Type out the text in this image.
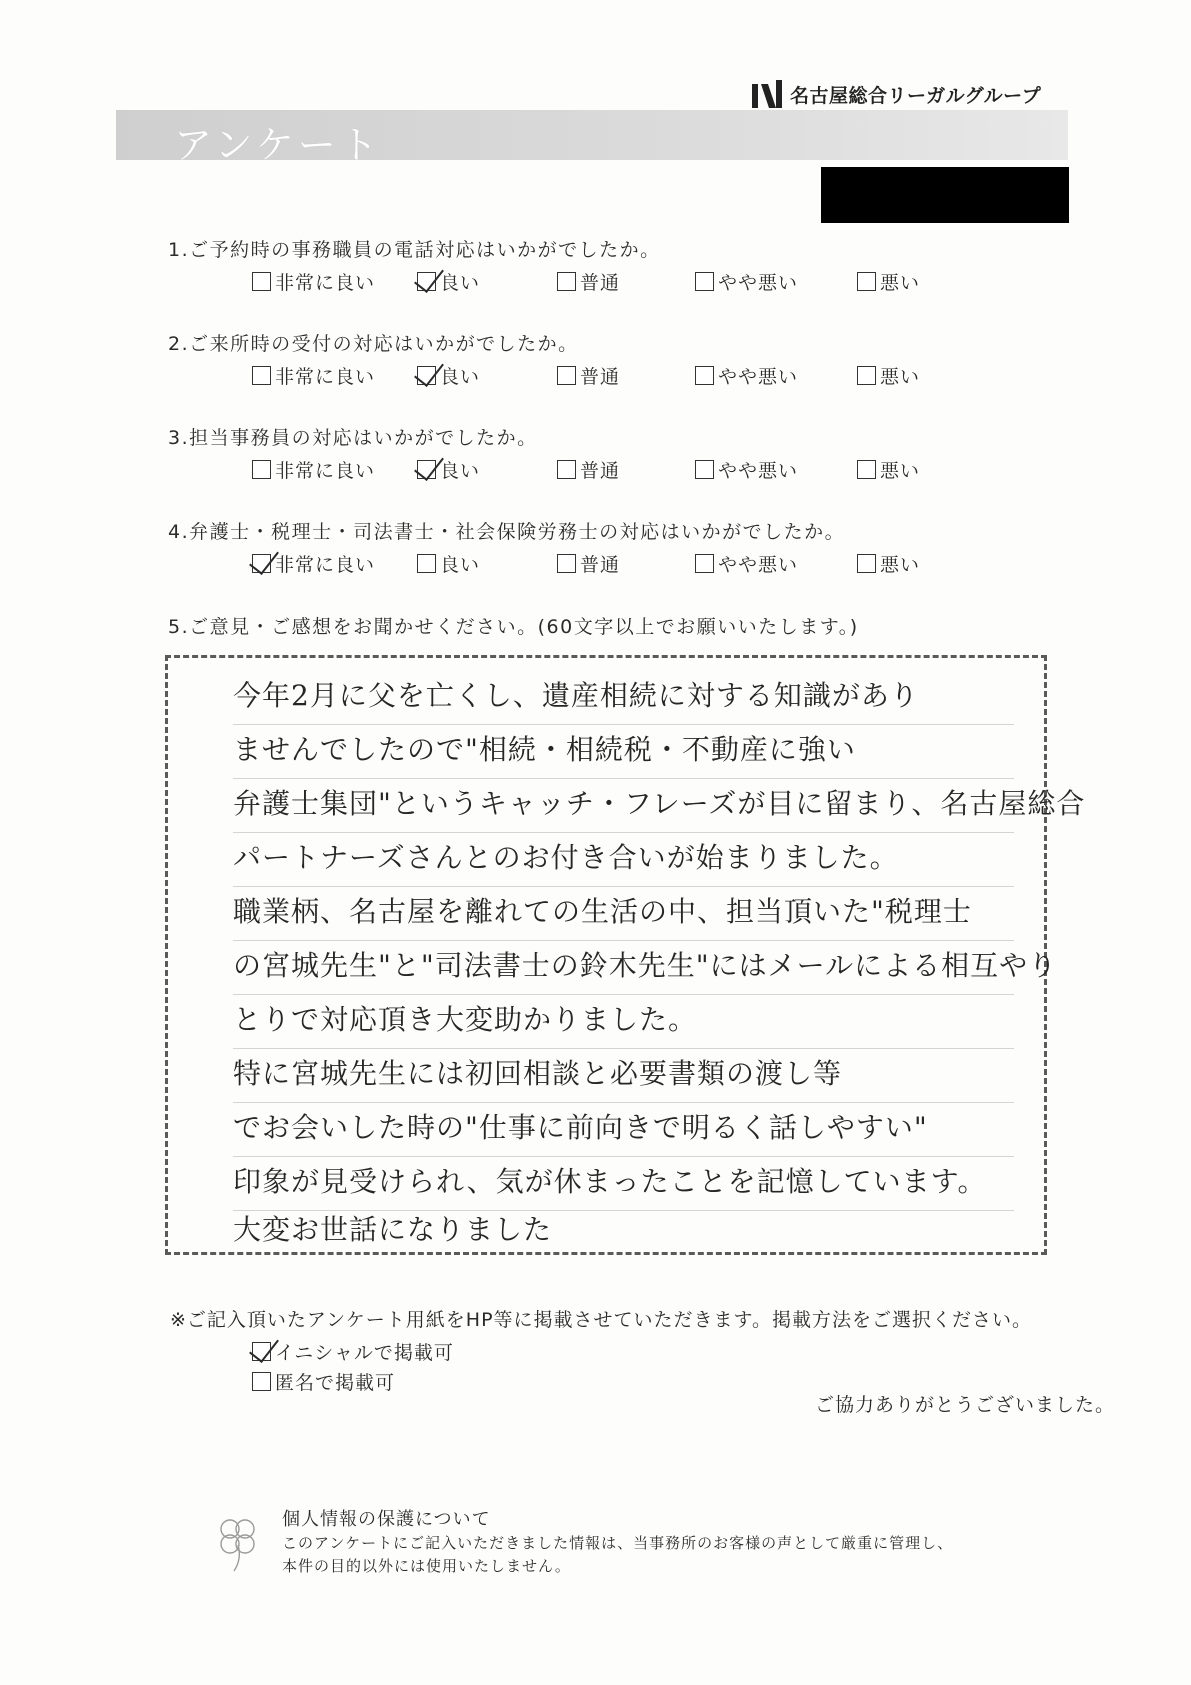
名古屋総合リーガルグループ
アンケート
1.ご予約時の事務職員の電話対応はいかがでしたか。
非常に良い	良い	普通	やや悪い	悪い
2.ご来所時の受付の対応はいかがでしたか。
非常に良い	良い	普通	やや悪い	悪い
3.担当事務員の対応はいかがでしたか。
非常に良い	良い	普通	やや悪い	悪い
4.弁護士・税理士・司法書士・社会保険労務士の対応はいかがでしたか。
非常に良い	良い	普通	やや悪い	悪い
5.ご意見・ご感想をお聞かせください。(60文字以上でお願いいたします。)
今年2月に父を亡くし、遺産相続に対する知識があり
ませんでしたので"相続・相続税・不動産に強い
弁護士集団"というキャッチ・フレーズが目に留まり、名古屋総合
パートナーズさんとのお付き合いが始まりました。
職業柄、名古屋を離れての生活の中、担当頂いた"税理士
の宮城先生"と"司法書士の鈴木先生"にはメールによる相互やり
とりで対応頂き大変助かりました。
特に宮城先生には初回相談と必要書類の渡し等
でお会いした時の"仕事に前向きで明るく話しやすい"
印象が見受けられ、気が休まったことを記憶しています。
大変お世話になりました
※ご記入頂いたアンケート用紙をHP等に掲載させていただきます。掲載方法をご選択ください。
イニシャルで掲載可
匿名で掲載可
ご協力ありがとうございました。
個人情報の保護について
このアンケートにご記入いただきました情報は、当事務所のお客様の声として厳重に管理し、
本件の目的以外には使用いたしません。
